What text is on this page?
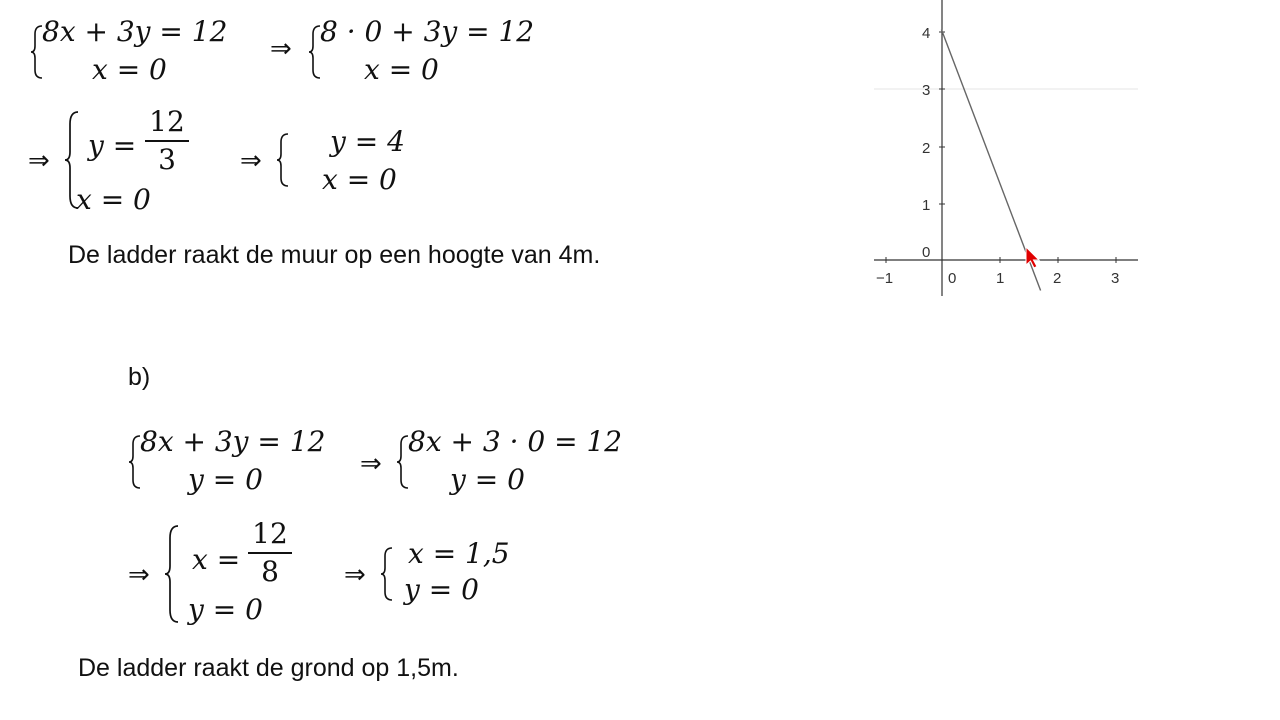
8x + 3y = 12
x = 0
⇒
8 · 0 + 3y = 12
x = 0
⇒ y =
12
3
x = 0
⇒
y = 4
x = 0
De ladder raakt de muur op een hoogte van 4m.
−1	0	1	2	3
0
1
2
3
4
b)
8x + 3y = 12
y = 0	⇒
8x + 3 · 0 = 12
y = 0
⇒ x =
12
8
y = 0
⇒
x = 1,5
y = 0
De ladder raakt de grond op 1,5m.
